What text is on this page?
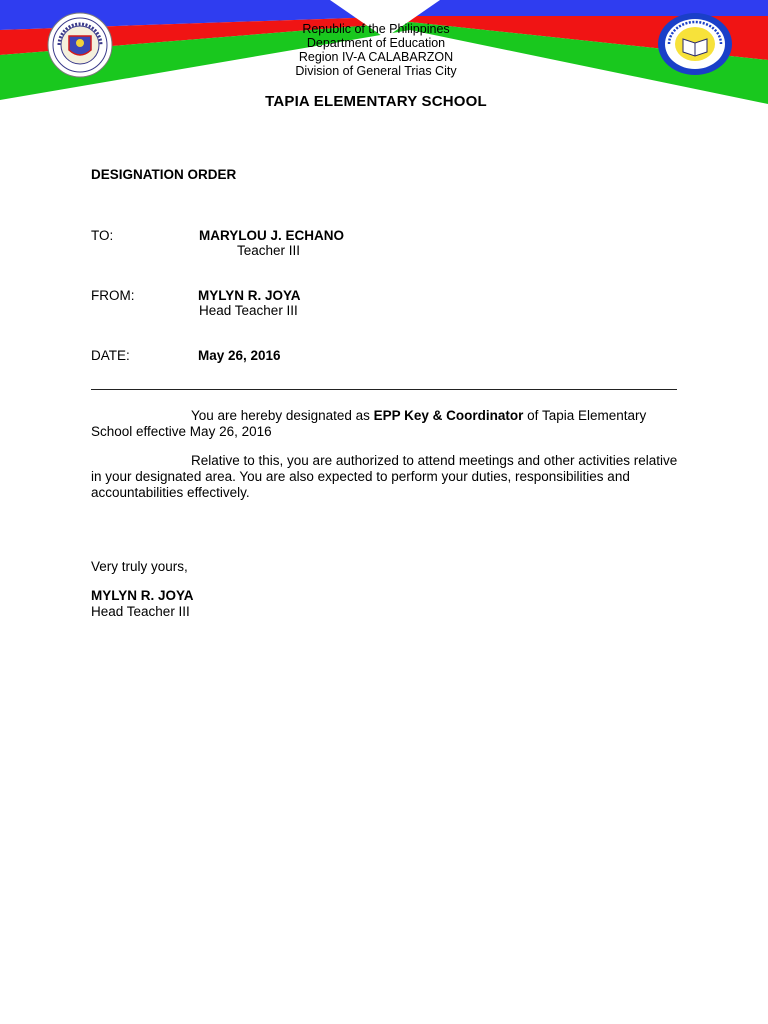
Republic of the Philippines
Department of Education
Region IV-A CALABARZON
Division of General Trias City
TAPIA ELEMENTARY SCHOOL
DESIGNATION ORDER
TO:	MARYLOU J. ECHANO
Teacher III
FROM:	MYLYN R. JOYA
Head Teacher III
DATE:	May 26, 2016
You are hereby designated as EPP Key & Coordinator of Tapia Elementary School effective May 26, 2016
Relative to this, you are authorized to attend meetings and other activities relative in your designated area. You are also expected to perform your duties, responsibilities and accountabilities effectively.
Very truly yours,
MYLYN R. JOYA
Head Teacher III
